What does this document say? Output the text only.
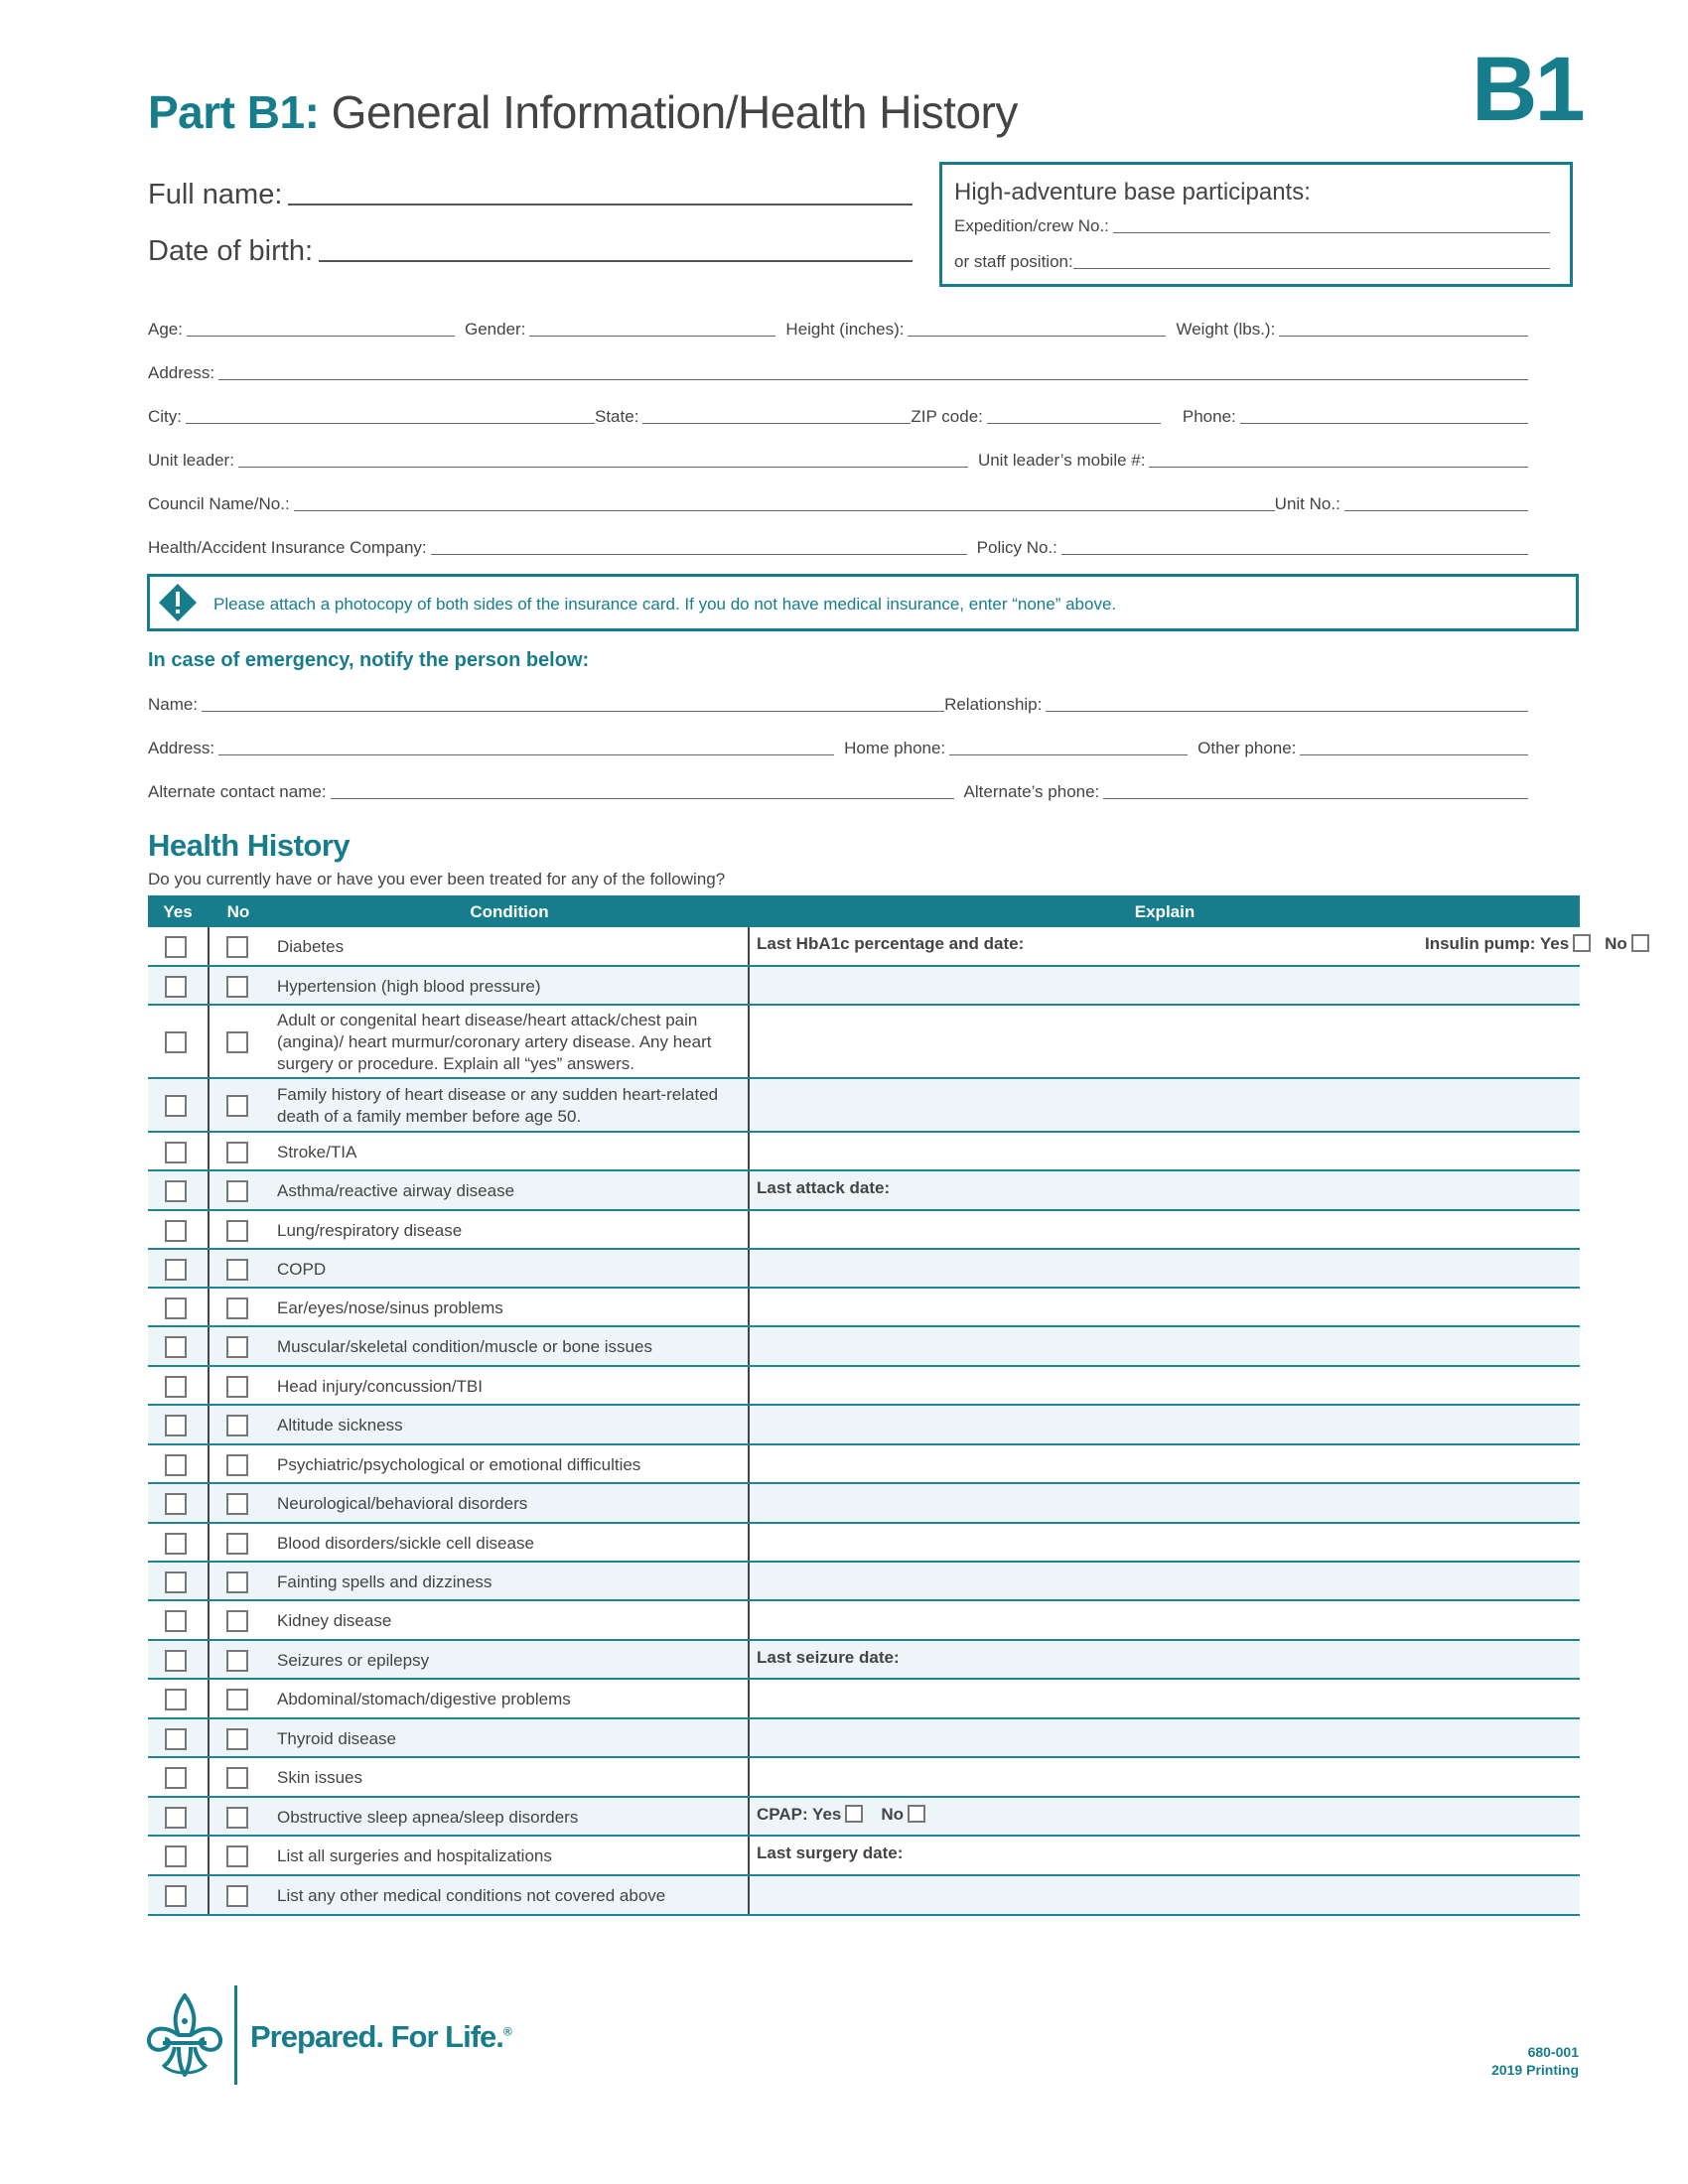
Part B1: General Information/Health History	B1
Full name:
Date of birth:
High-adventure base participants:
Expedition/crew No.:
or staff position:
Age:	Gender:	Height (inches):	Weight (lbs.):
Address:
City:	State:	ZIP code:	Phone:
Unit leader:	Unit leader’s mobile #:
Council Name/No.:	Unit No.:
Health/Accident Insurance Company:	Policy No.:
Please attach a photocopy of both sides of the insurance card. If you do not have medical insurance, enter “none” above.
In case of emergency, notify the person below:
Name:	Relationship:
Address:	Home phone:	Other phone:
Alternate contact name:	Alternate’s phone:
Health History
Do you currently have or have you ever been treated for any of the following?
Yes	No	Condition	Explain
Diabetes	Last HbA1c percentage and date:	Insulin pump: Yes No
Hypertension (high blood pressure)
Adult or congenital heart disease/heart attack/chest pain (angina)/ heart murmur/coronary artery disease. Any heart surgery or procedure. Explain all “yes” answers.
Family history of heart disease or any sudden heart-related death of a family member before age 50.
Stroke/TIA
Asthma/reactive airway disease	Last attack date:
Lung/respiratory disease
COPD
Ear/eyes/nose/sinus problems
Muscular/skeletal condition/muscle or bone issues
Head injury/concussion/TBI
Altitude sickness
Psychiatric/psychological or emotional difficulties
Neurological/behavioral disorders
Blood disorders/sickle cell disease
Fainting spells and dizziness
Kidney disease
Seizures or epilepsy	Last seizure date:
Abdominal/stomach/digestive problems
Thyroid disease
Skin issues
Obstructive sleep apnea/sleep disorders	CPAP: Yes No
List all surgeries and hospitalizations	Last surgery date:
List any other medical conditions not covered above
Prepared. For Life.®
680-001
2019 Printing
